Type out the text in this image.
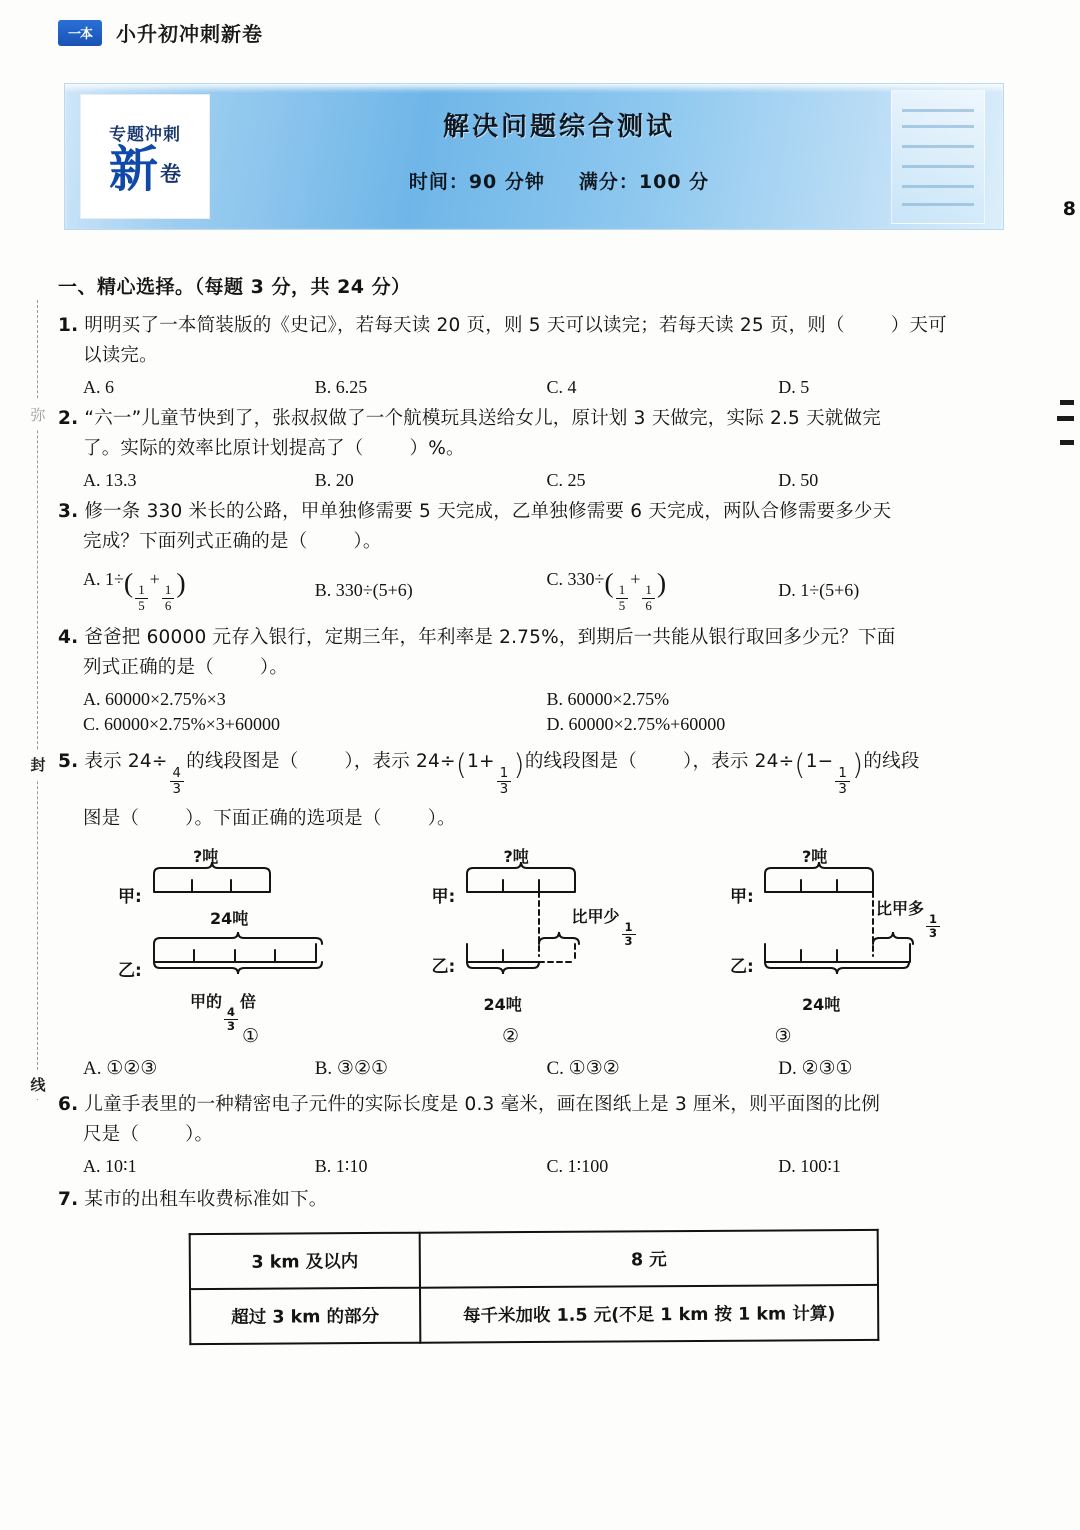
一本	小升初冲刺新卷
专题冲刺
新 卷
解决问题综合测试
时间：90 分钟 满分：100 分
弥
封
线
8
一、精心选择。（每题 3 分，共 24 分）
1. 明明买了一本简装版的《史记》，若每天读 20 页，则 5 天可以读完；若每天读 25 页，则（ ）天可
以读完。
A. 6	B. 6.25	C. 4	D. 5
2. “六一”儿童节快到了，张叔叔做了一个航模玩具送给女儿，原计划 3 天做完，实际 2.5 天就做完
了。实际的效率比原计划提高了（ ）%。
A. 13.3	B. 20	C. 25	D. 50
3. 修一条 330 米长的公路，甲单独修需要 5 天完成，乙单独修需要 6 天完成，两队合修需要多少天
完成？下面列式正确的是（ ）。
A. $1\div( \frac{1}{5}$
+
$\frac{1}{6}$ )	B. 330÷(5+6)
C. $330\div( \frac{1}{5}$
+
$\frac{1}{6}$ )	D. 1÷(5+6)
4. 爸爸把 60000 元存入银行，定期三年，年利率是 2.75%，到期后一共能从银行取回多少元？下面
列式正确的是（ ）。
A. 60000×2.75%×3	B. 60000×2.75%
C. 60000×2.75%×3+60000	D. 60000×2.75%+60000
5. 表示 24÷
$\frac{4}{3}$
的线段图是（ ），表示 24÷(1+
$\frac{1}{3}$
)的线段图是（ ），表示 24÷(1−
$\frac{1}{3}$
)的线段
图是（ ）。下面正确的选项是（ ）。
?吨
甲:
乙:
24吨
甲的
$\frac{4}{3}$
倍
?吨
甲:
乙:
比甲少
$\frac{1}{3}$
24吨
?吨
甲:
乙:
比甲多
$\frac{1}{3}$
24吨
①	②	③
A. ①②③	B. ③②①	C. ①③②	D. ②③①
6. 儿童手表里的一种精密电子元件的实际长度是 0.3 毫米，画在图纸上是 3 厘米，则平面图的比例
尺是（ ）。
A. 10∶1	B. 1∶10	C. 1∶100	D. 100∶1
7. 某市的出租车收费标准如下。
3 km 及以内	8 元
超过 3 km 的部分	每千米加收 1.5 元(不足 1 km 按 1 km 计算)
